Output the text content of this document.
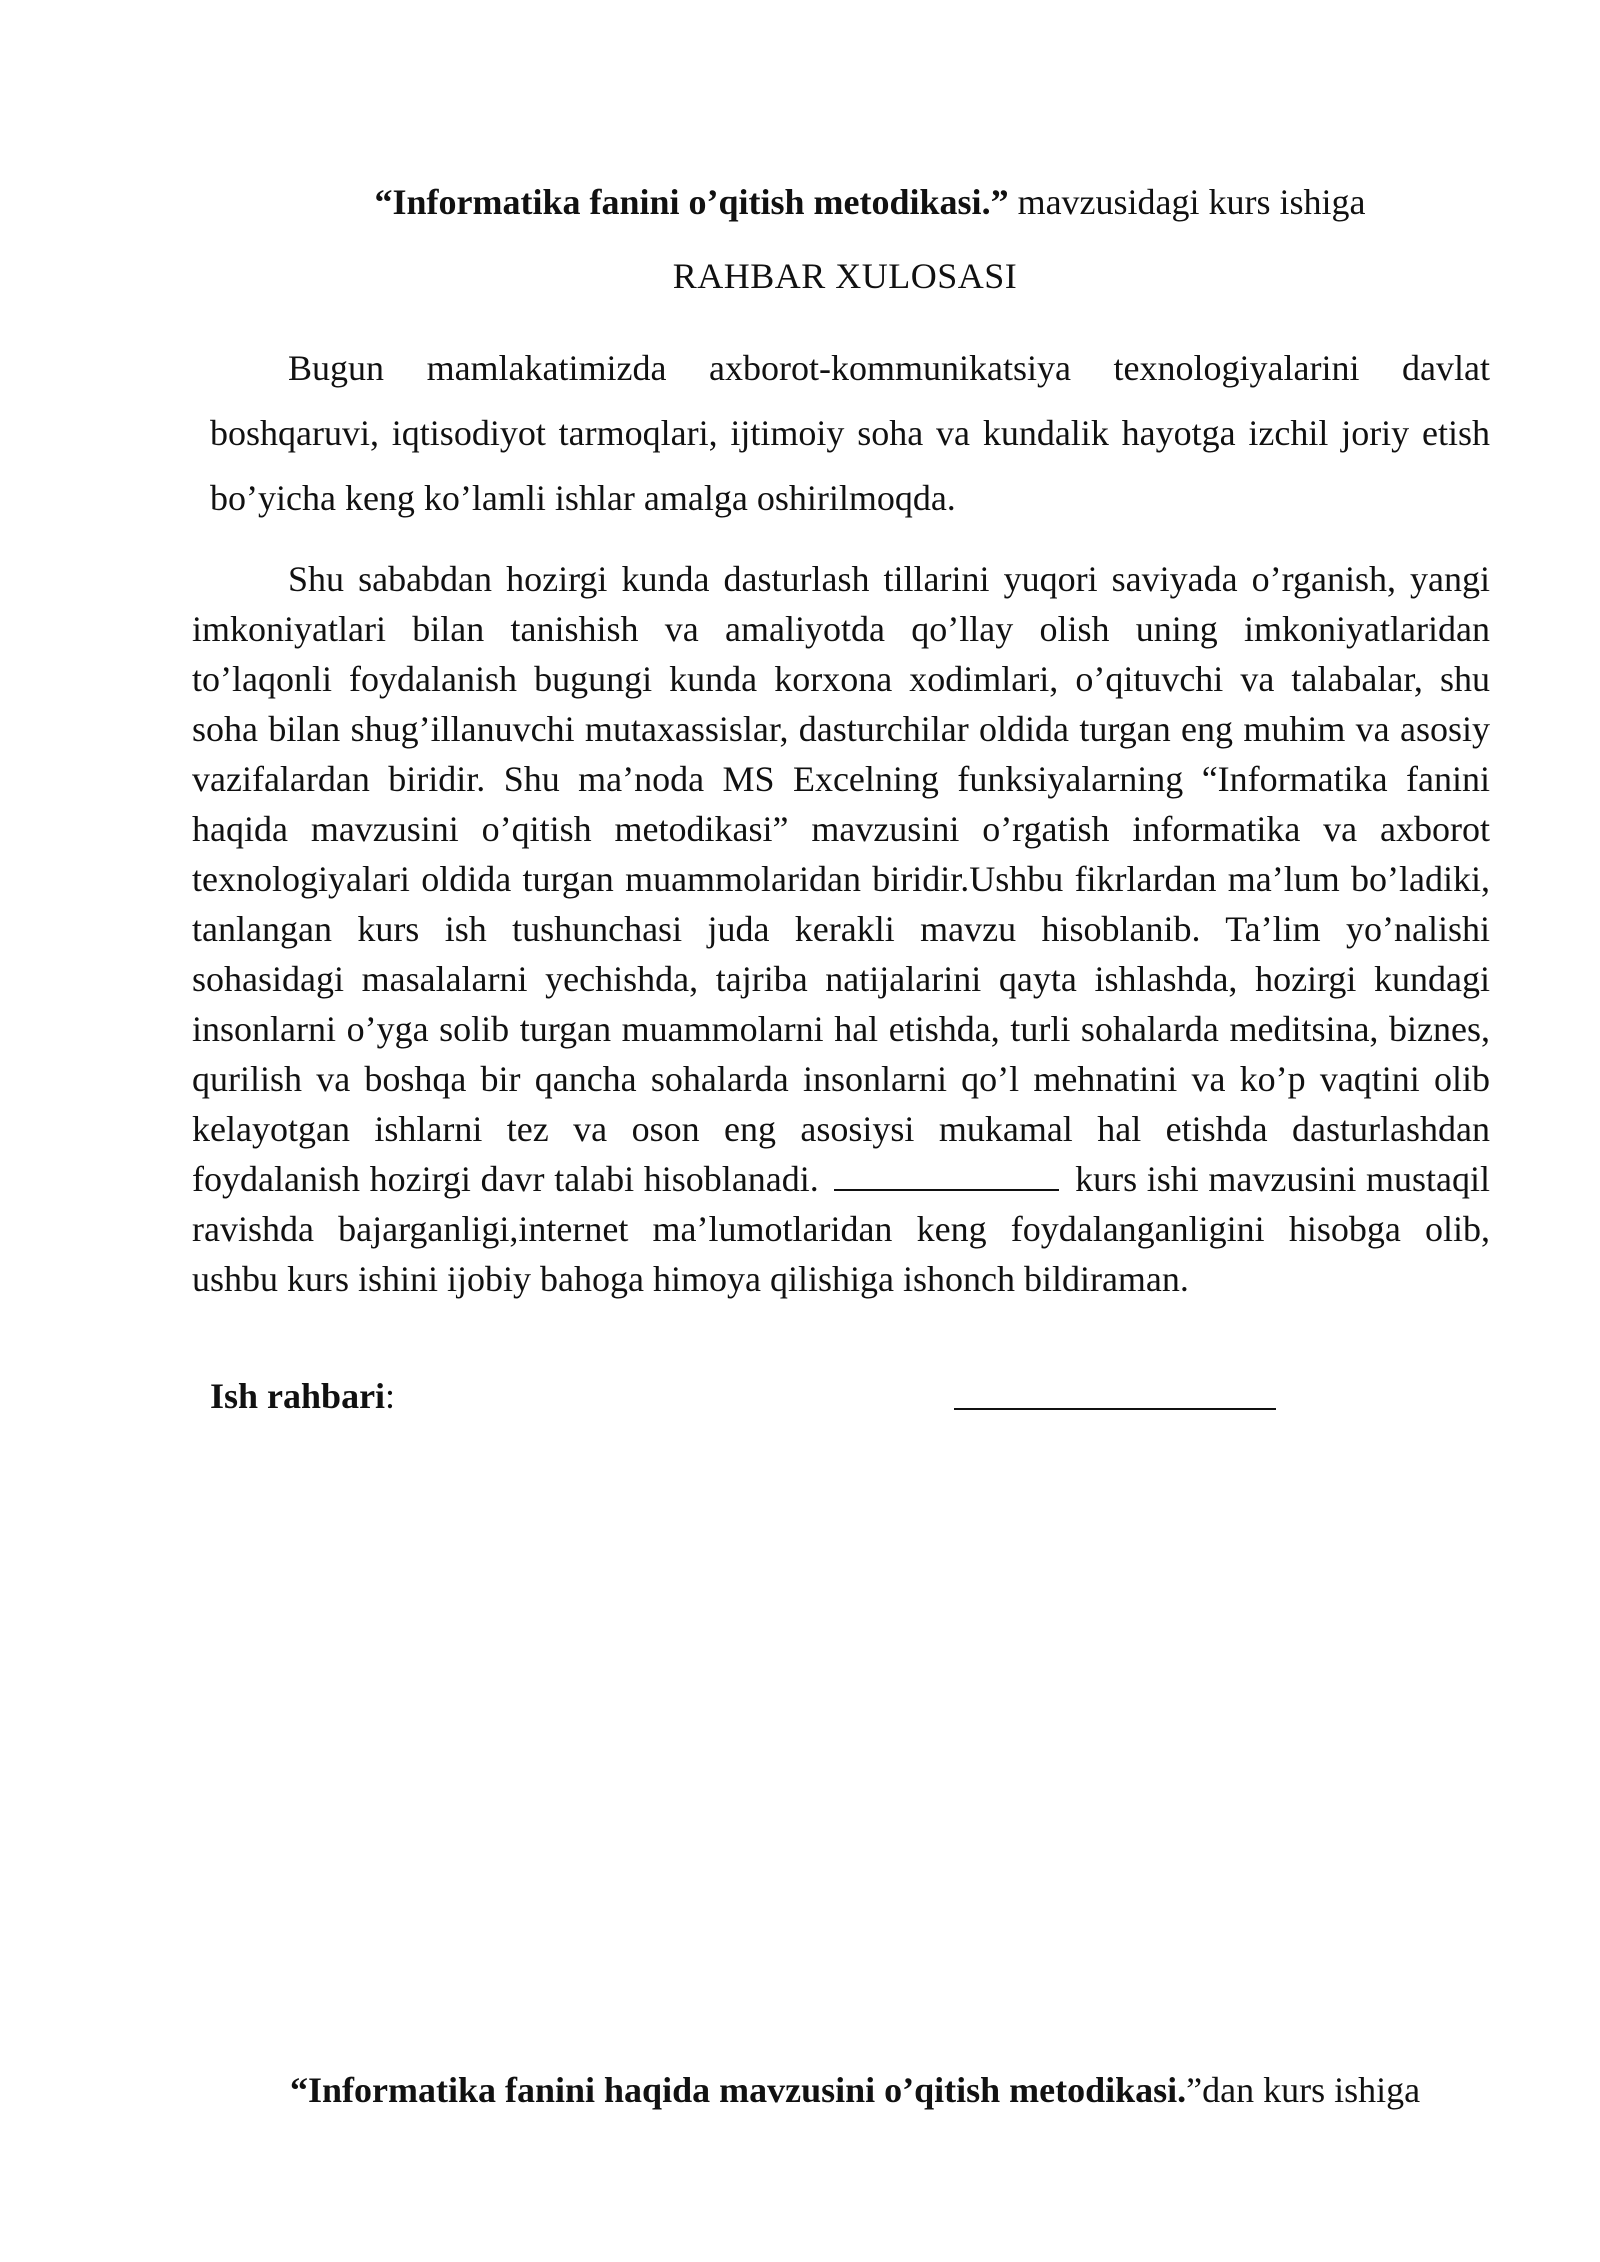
“Informatika fanini o’qitish metodikasi.” mavzusidagi kurs ishiga
RAHBAR XULOSASI

Bugun mamlakatimizda axborot-kommunikatsiya texnologiyalarini davlat boshqaruvi, iqtisodiyot tarmoqlari, ijtimoiy soha va kundalik hayotga izchil joriy etish bo’yicha keng ko’lamli ishlar amalga oshirilmoqda.

Shu sababdan hozirgi kunda dasturlash tillarini yuqori saviyada o’rganish, yangi imkoniyatlari bilan tanishish va amaliyotda qo’llay olish uning imkoniyatlaridan to’laqonli foydalanish bugungi kunda korxona xodimlari, o’qituvchi va talabalar, shu soha bilan shug’illanuvchi mutaxassislar, dasturchilar oldida turgan eng muhim va asosiy vazifalardan biridir. Shu ma’noda MS Excelning funksiyalarning “Informatika fanini haqida mavzusini o’qitish metodikasi” mavzusini o’rgatish informatika va axborot texnologiyalari oldida turgan muammolaridan biridir.Ushbu fikrlardan ma’lum bo’ladiki, tanlangan kurs ish tushunchasi juda kerakli mavzu hisoblanib. Ta’lim yo’nalishi sohasidagi masalalarni yechishda, tajriba natijalarini qayta ishlashda, hozirgi kundagi insonlarni o’yga solib turgan muammolarni hal etishda, turli sohalarda meditsina, biznes, qurilish va boshqa bir qancha sohalarda insonlarni qo’l mehnatini va ko’p vaqtini olib kelayotgan ishlarni tez va oson eng asosiysi mukamal hal etishda dasturlashdan foydalanish hozirgi davr talabi hisoblanadi.	kurs ishi mavzusini mustaqil ravishda bajarganligi,internet ma’lumotlaridan keng foydalanganligini hisobga olib, ushbu kurs ishini ijobiy bahoga himoya qilishiga ishonch bildiraman.

Ish rahbari:
“Informatika fanini haqida mavzusini o’qitish metodikasi.”dan kurs ishiga
